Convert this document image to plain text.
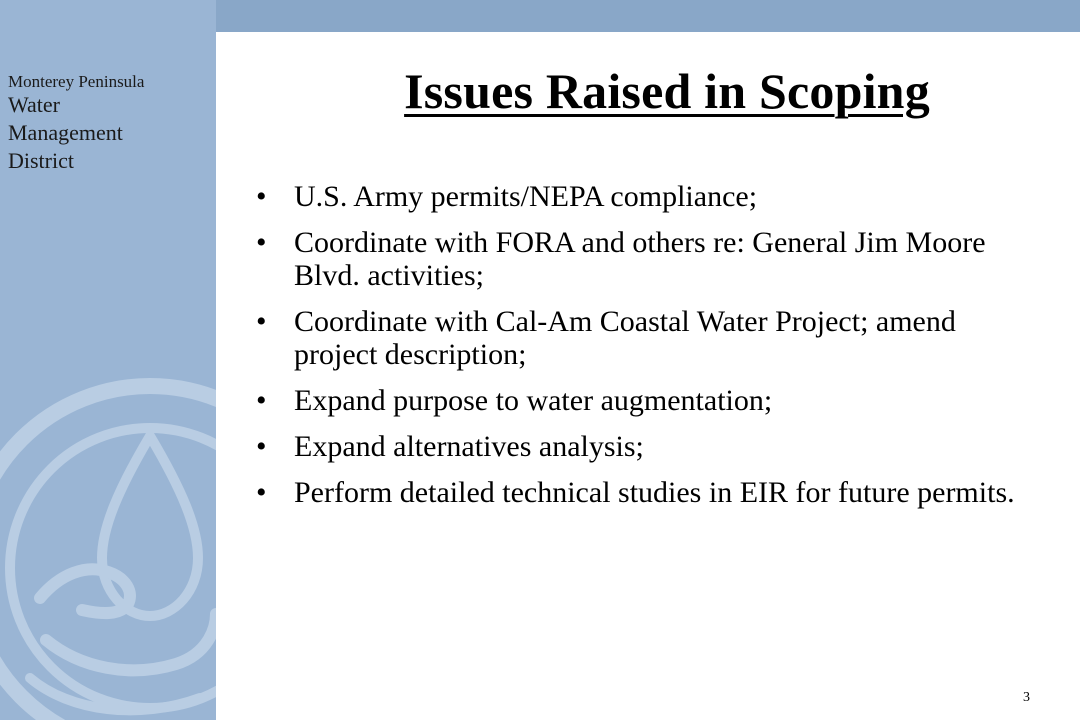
Monterey Peninsula
Water
Management
District
Issues Raised in Scoping
• U.S. Army permits/NEPA compliance;
• Coordinate with FORA and others re: General Jim Moore Blvd. activities;
• Coordinate with Cal-Am Coastal Water Project; amend project description;
• Expand purpose to water augmentation;
• Expand alternatives analysis;
• Perform detailed technical studies in EIR for future permits.
3
